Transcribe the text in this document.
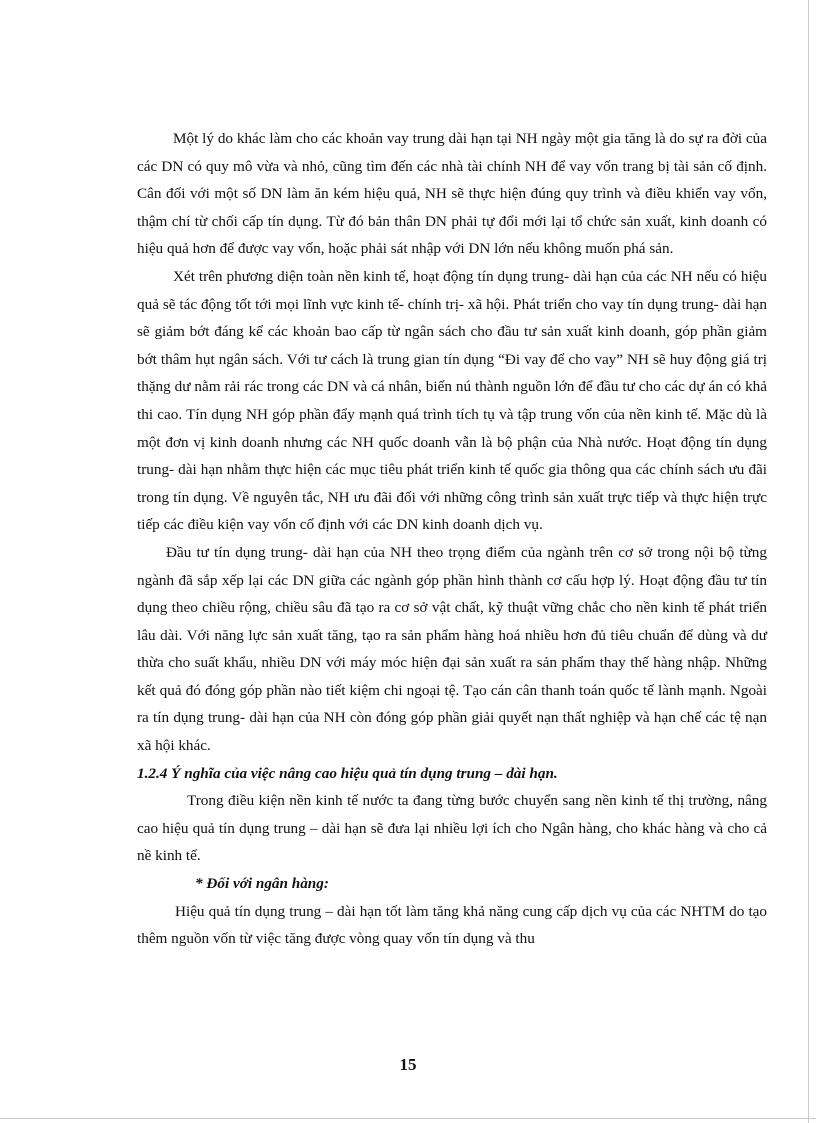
Một lý do khác làm cho các khoản vay trung dài hạn tại NH ngày một gia tăng là do sự ra đời của các DN có quy mô vừa và nhỏ, cũng tìm đến các nhà tài chính NH để vay vốn trang bị tài sản cố định. Cân đối với một số DN làm ăn kém hiệu quả, NH sẽ thực hiện đúng quy trình và điều khiển vay vốn, thậm chí từ chối cấp tín dụng. Từ đó bản thân DN phải tự đổi mới lại tổ chức sản xuất, kinh doanh có hiệu quả hơn để được vay vốn, hoặc phải sát nhập với DN lớn nếu không muốn phá sản.

Xét trên phương diện toàn nền kinh tế, hoạt động tín dụng trung- dài hạn của các NH nếu có hiệu quả sẽ tác động tốt tới mọi lĩnh vực kinh tế- chính trị- xã hội. Phát triển cho vay tín dụng trung- dài hạn sẽ giảm bớt đáng kể các khoản bao cấp từ ngân sách cho đầu tư sản xuất kinh doanh, góp phần giảm bớt thâm hụt ngân sách. Với tư cách là trung gian tín dụng “Đi vay để cho vay” NH sẽ huy động giá trị thặng dư nằm rải rác trong các DN và cá nhân, biến nú thành nguồn lớn để đầu tư cho các dự án có khả thi cao. Tín dụng NH góp phần đẩy mạnh quá trình tích tụ và tập trung vốn của nền kinh tế. Mặc dù là một đơn vị kinh doanh nhưng các NH quốc doanh vẫn là bộ phận của Nhà nước. Hoạt động tín dụng trung- dài hạn nhằm thực hiện các mục tiêu phát triển kinh tế quốc gia thông qua các chính sách ưu đãi trong tín dụng. Về nguyên tắc, NH ưu đãi đối với những công trình sản xuất trực tiếp và thực hiện trực tiếp các điều kiện vay vốn cố định với các DN kinh doanh dịch vụ.

Đầu tư tín dụng trung- dài hạn của NH theo trọng điểm của ngành trên cơ sở trong nội bộ từng ngành đã sắp xếp lại các DN giữa các ngành góp phần hình thành cơ cấu hợp lý. Hoạt động đầu tư tín dụng theo chiều rộng, chiều sâu đã tạo ra cơ sở vật chất, kỹ thuật vững chắc cho nền kinh tế phát triển lâu dài. Với năng lực sản xuất tăng, tạo ra sản phẩm hàng hoá nhiều hơn đủ tiêu chuẩn để dùng và dư thừa cho suất khẩu, nhiều DN với máy móc hiện đại sản xuất ra sản phẩm thay thế hàng nhập. Những kết quả đó đóng góp phần nào tiết kiệm chi ngoại tệ. Tạo cán cân thanh toán quốc tế lành mạnh. Ngoài ra tín dụng trung- dài hạn của NH còn đóng góp phần giải quyết nạn thất nghiệp và hạn chế các tệ nạn xã hội khác.

1.2.4 Ý nghĩa của việc nâng cao hiệu quả tín dụng trung – dài hạn.

Trong điều kiện nền kinh tế nước ta đang từng bước chuyển sang nền kinh tế thị trường, nâng cao hiệu quả tín dụng trung – dài hạn sẽ đưa lại nhiều lợi ích cho Ngân hàng, cho khác hàng và cho cả nề kinh tế.

* Đối với ngân hàng:

Hiệu quả tín dụng trung – dài hạn tốt làm tăng khả năng cung cấp dịch vụ của các NHTM do tạo thêm nguồn vốn từ việc tăng được vòng quay vốn tín dụng và thu

15
